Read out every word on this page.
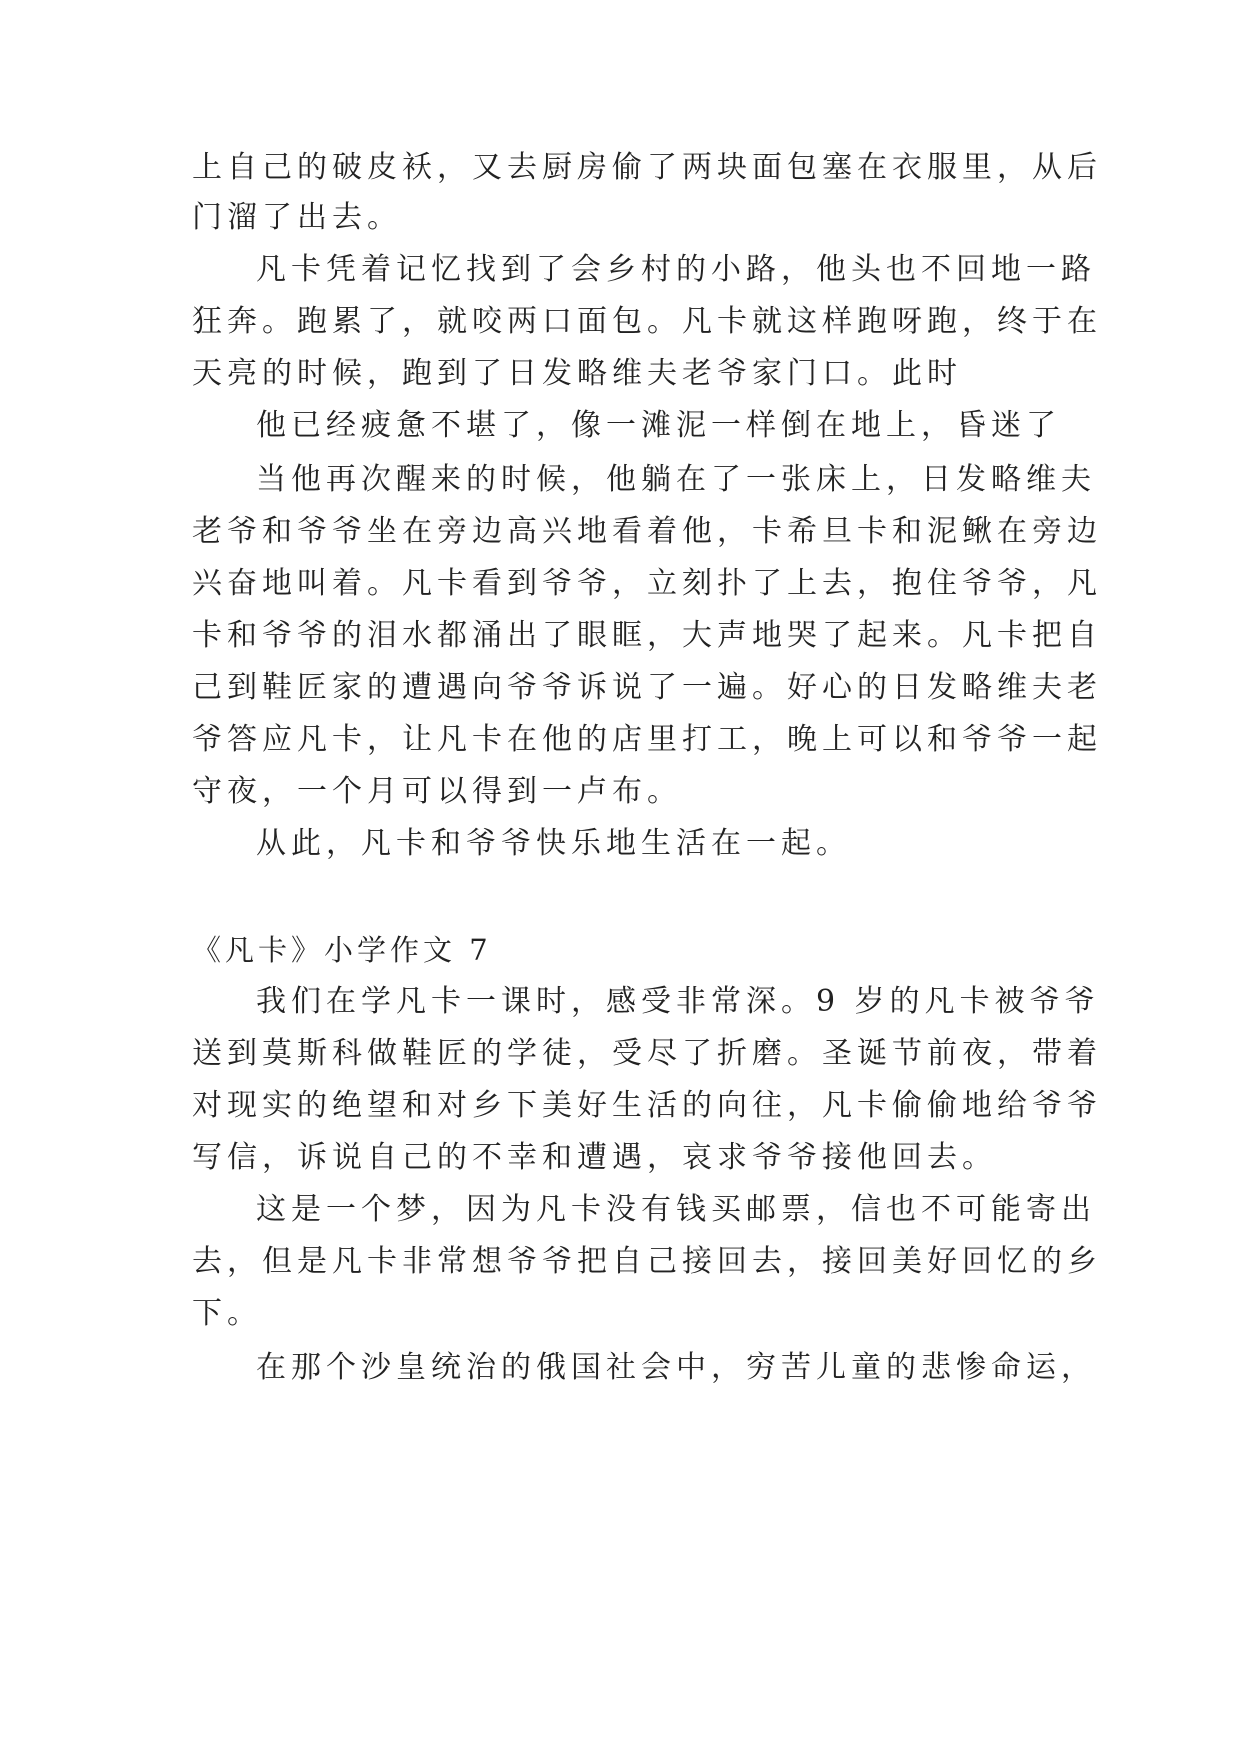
上自己的破皮袄，又去厨房偷了两块面包塞在衣服里，从后
门溜了出去。
凡卡凭着记忆找到了会乡村的小路，他头也不回地一路
狂奔。跑累了，就咬两口面包。凡卡就这样跑呀跑，终于在
天亮的时候，跑到了日发略维夫老爷家门口。此时
他已经疲惫不堪了，像一滩泥一样倒在地上，昏迷了
当他再次醒来的时候，他躺在了一张床上，日发略维夫
老爷和爷爷坐在旁边高兴地看着他，卡希旦卡和泥鳅在旁边
兴奋地叫着。凡卡看到爷爷，立刻扑了上去，抱住爷爷，凡
卡和爷爷的泪水都涌出了眼眶，大声地哭了起来。凡卡把自
己到鞋匠家的遭遇向爷爷诉说了一遍。好心的日发略维夫老
爷答应凡卡，让凡卡在他的店里打工，晚上可以和爷爷一起
守夜，一个月可以得到一卢布。
从此，凡卡和爷爷快乐地生活在一起。
《凡卡》小学作文 7
我们在学凡卡一课时，感受非常深。9 岁的凡卡被爷爷
送到莫斯科做鞋匠的学徒，受尽了折磨。圣诞节前夜，带着
对现实的绝望和对乡下美好生活的向往，凡卡偷偷地给爷爷
写信，诉说自己的不幸和遭遇，哀求爷爷接他回去。
这是一个梦，因为凡卡没有钱买邮票，信也不可能寄出
去，但是凡卡非常想爷爷把自己接回去，接回美好回忆的乡
下。
在那个沙皇统治的俄国社会中，穷苦儿童的悲惨命运，
